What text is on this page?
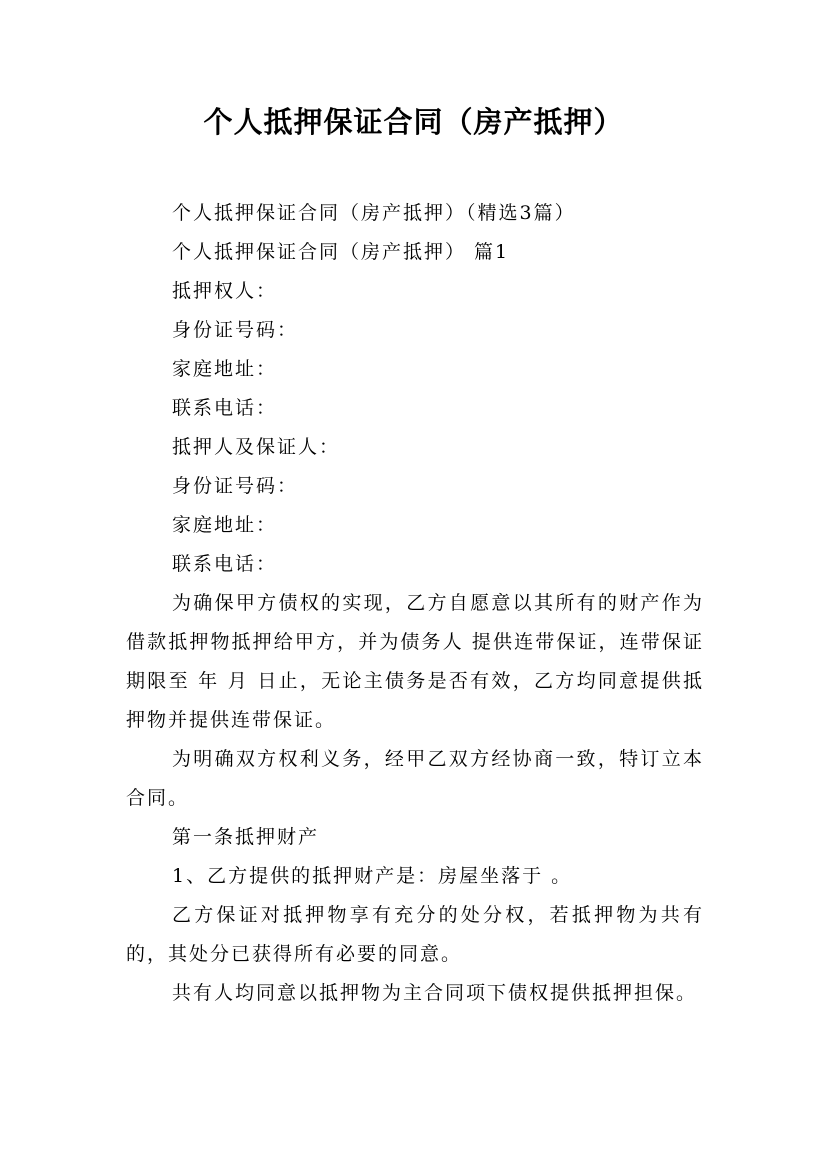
个人抵押保证合同（房产抵押）
个人抵押保证合同（房产抵押）（精选3篇）
个人抵押保证合同（房产抵押） 篇1
抵押权人：
身份证号码：
家庭地址：
联系电话：
抵押人及保证人：
身份证号码：
家庭地址：
联系电话：
为确保甲方债权的实现，乙方自愿意以其所有的财产作为借款抵押物抵押给甲方，并为债务人 提供连带保证，连带保证期限至 年 月 日止，无论主债务是否有效，乙方均同意提供抵押物并提供连带保证。
为明确双方权利义务，经甲乙双方经协商一致，特订立本合同。
第一条抵押财产
1、乙方提供的抵押财产是：房屋坐落于 。
乙方保证对抵押物享有充分的处分权，若抵押物为共有的，其处分已获得所有必要的同意。
共有人均同意以抵押物为主合同项下债权提供抵押担保。
